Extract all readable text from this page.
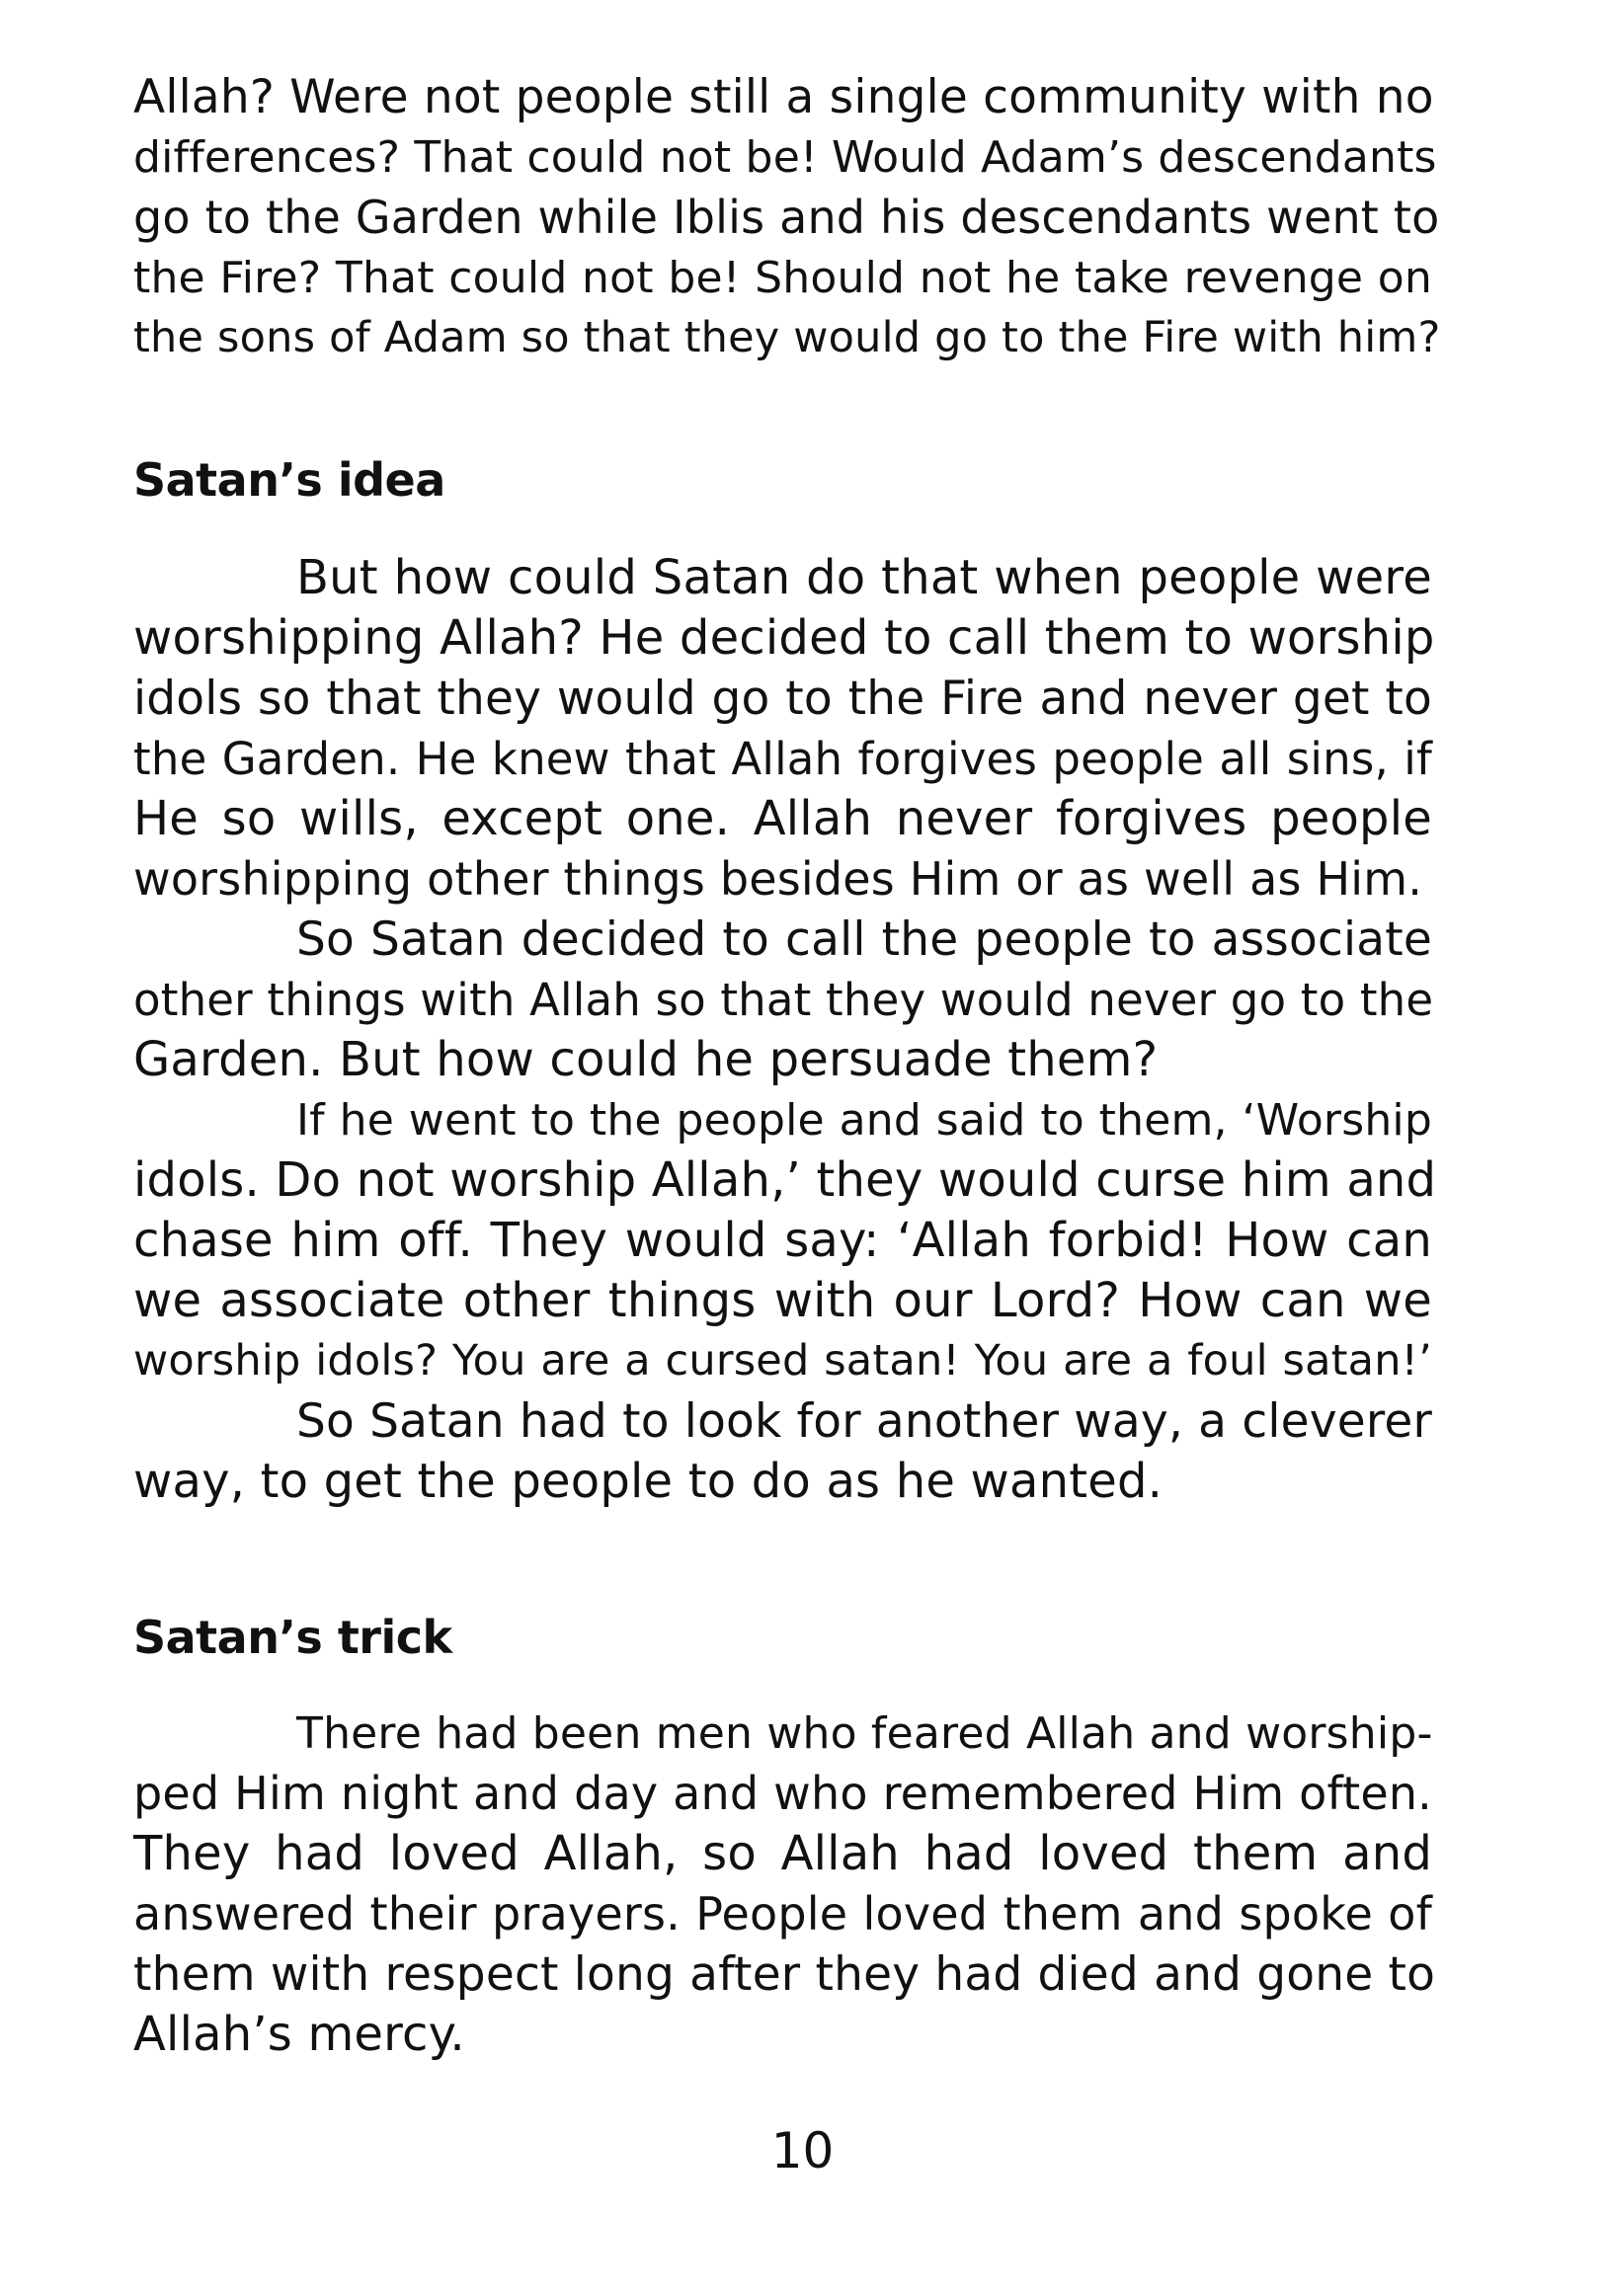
Allah? Were not people still a single community with no
differences? That could not be! Would Adam’s descendants
go to the Garden while Iblis and his descendants went to
the Fire? That could not be! Should not he take revenge on
the sons of Adam so that they would go to the Fire with him?
Satan’s idea
But how could Satan do that when people were
worshipping Allah? He decided to call them to worship
idols so that they would go to the Fire and never get to
the Garden. He knew that Allah forgives people all sins, if
He so wills, except one. Allah never forgives people
worshipping other things besides Him or as well as Him.
So Satan decided to call the people to associate
other things with Allah so that they would never go to the
Garden. But how could he persuade them?
If he went to the people and said to them, ‘Worship
idols. Do not worship Allah,’ they would curse him and
chase him off. They would say: ‘Allah forbid! How can
we associate other things with our Lord? How can we
worship idols? You are a cursed satan! You are a foul satan!’
So Satan had to look for another way, a cleverer
way, to get the people to do as he wanted.
Satan’s trick
There had been men who feared Allah and worship-
ped Him night and day and who remembered Him often.
They had loved Allah, so Allah had loved them and
answered their prayers. People loved them and spoke of
them with respect long after they had died and gone to
Allah’s mercy.
10
